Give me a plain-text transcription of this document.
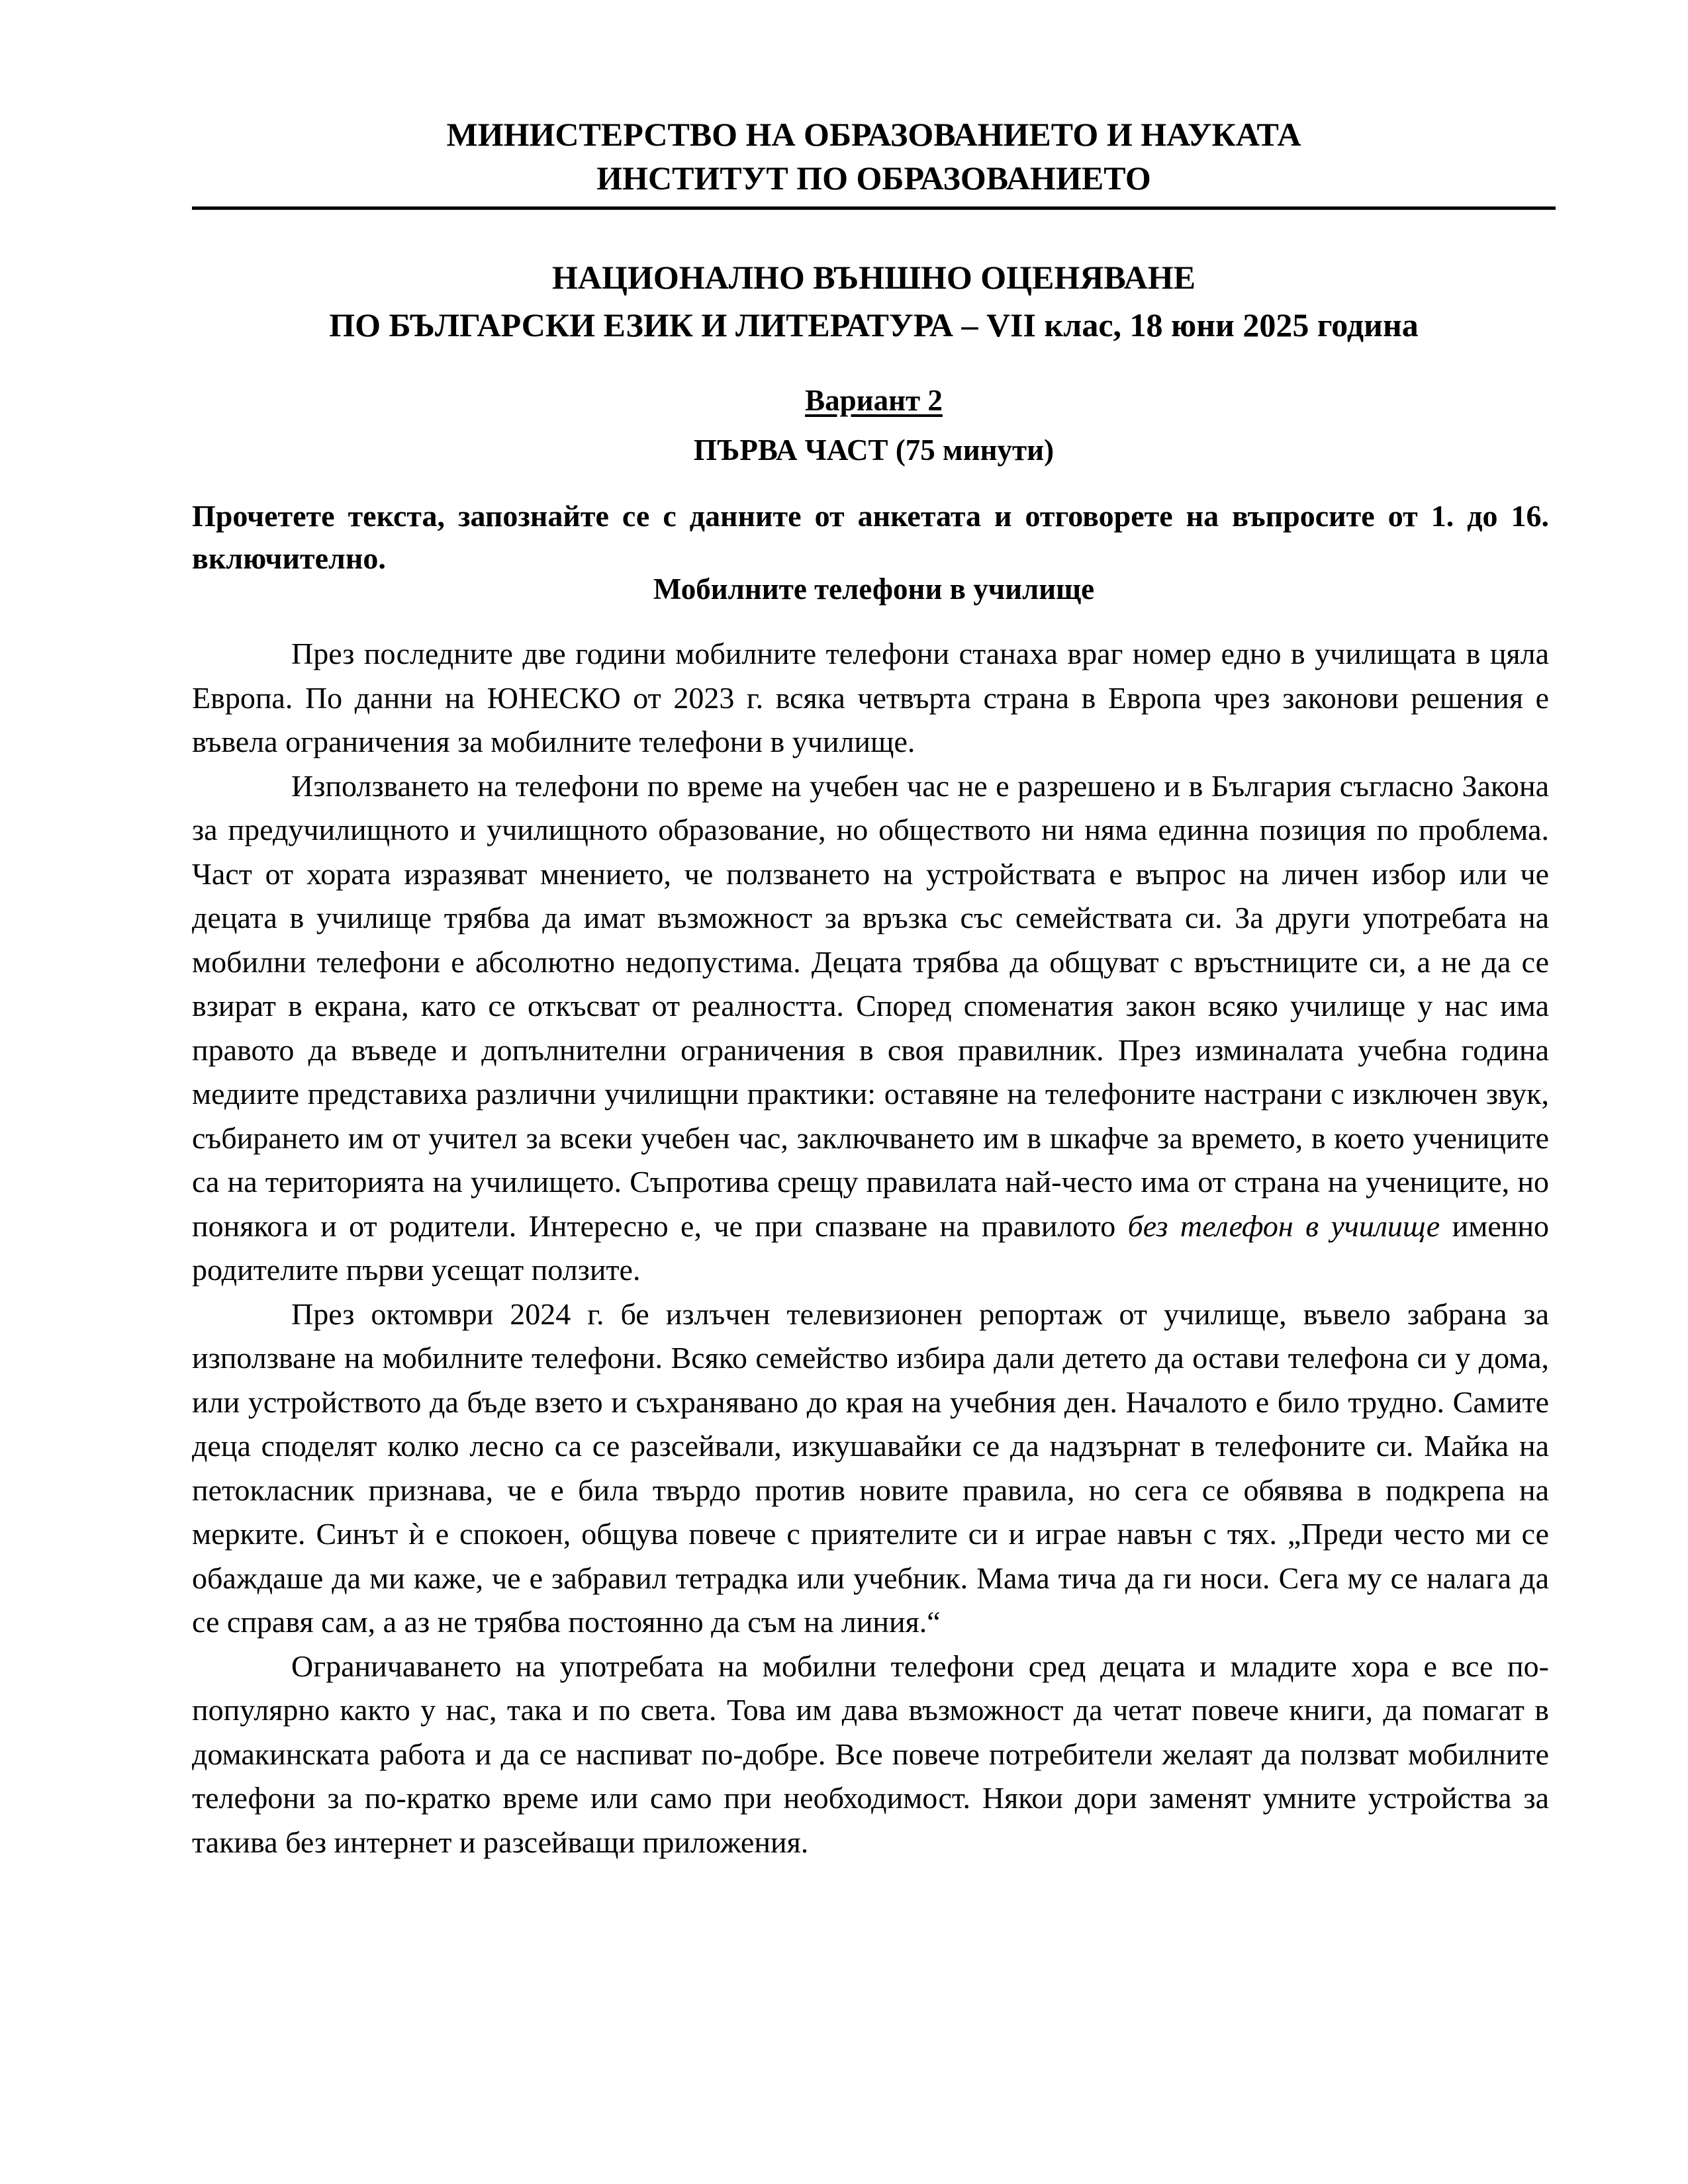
МИНИСТЕРСТВО НА ОБРАЗОВАНИЕТО И НАУКАТА
ИНСТИТУТ ПО ОБРАЗОВАНИЕТО
НАЦИОНАЛНО ВЪНШНО ОЦЕНЯВАНЕ
ПО БЪЛГАРСКИ ЕЗИК И ЛИТЕРАТУРА – VII клас, 18 юни 2025 година
Вариант 2
ПЪРВА ЧАСТ (75 минути)
Прочетете текста, запознайте се с данните от анкетата и отговорете на въпросите от 1. до 16. включително.
Мобилните телефони в училище

През последните две години мобилните телефони станаха враг номер едно в училищата в цяла Европа. По данни на ЮНЕСКО от 2023 г. всяка четвърта страна в Европа чрез законови решения е въвела ограничения за мобилните телефони в училище.

Използването на телефони по време на учебен час не е разрешено и в България съгласно Закона за предучилищното и училищното образование, но обществото ни няма единна позиция по проблема. Част от хората изразяват мнението, че ползването на устройствата е въпрос на личен избор или че децата в училище трябва да имат възможност за връзка със семействата си. За други употребата на мобилни телефони е абсолютно недопустима. Децата трябва да общуват с връстниците си, а не да се взират в екрана, като се откъсват от реалността. Според споменатия закон всяко училище у нас има правото да въведе и допълнителни ограничения в своя правилник. През изминалата учебна година медиите представиха различни училищни практики: оставяне на телефоните настрани с изключен звук, събирането им от учител за всеки учебен час, заключването им в шкафче за времето, в което учениците са на територията на училището. Съпротива срещу правилата най-често има от страна на учениците, но понякога и от родители. Интересно е, че при спазване на правилото без телефон в училище именно родителите първи усещат ползите.

През октомври 2024 г. бе излъчен телевизионен репортаж от училище, въвело забрана за използване на мобилните телефони. Всяко семейство избира дали детето да остави телефона си у дома, или устройството да бъде взето и съхранявано до края на учебния ден. Началото е било трудно. Самите деца споделят колко лесно са се разсейвали, изкушавайки се да надзърнат в телефоните си. Майка на петокласник признава, че е била твърдо против новите правила, но сега се обявява в подкрепа на мерките. Синът ѝ е спокоен, общува повече с приятелите си и играе навън с тях. „Преди често ми се обаждаше да ми каже, че е забравил тетрадка или учебник. Мама тича да ги носи. Сега му се налага да се справя сам, а аз не трябва постоянно да съм на линия.“

Ограничаването на употребата на мобилни телефони сред децата и младите хора е все по-популярно както у нас, така и по света. Това им дава възможност да четат повече книги, да помагат в домакинската работа и да се наспиват по-добре. Все повече потребители желаят да ползват мобилните телефони за по-кратко време или само при необходимост. Някои дори заменят умните устройства за такива без интернет и разсейващи приложения.
